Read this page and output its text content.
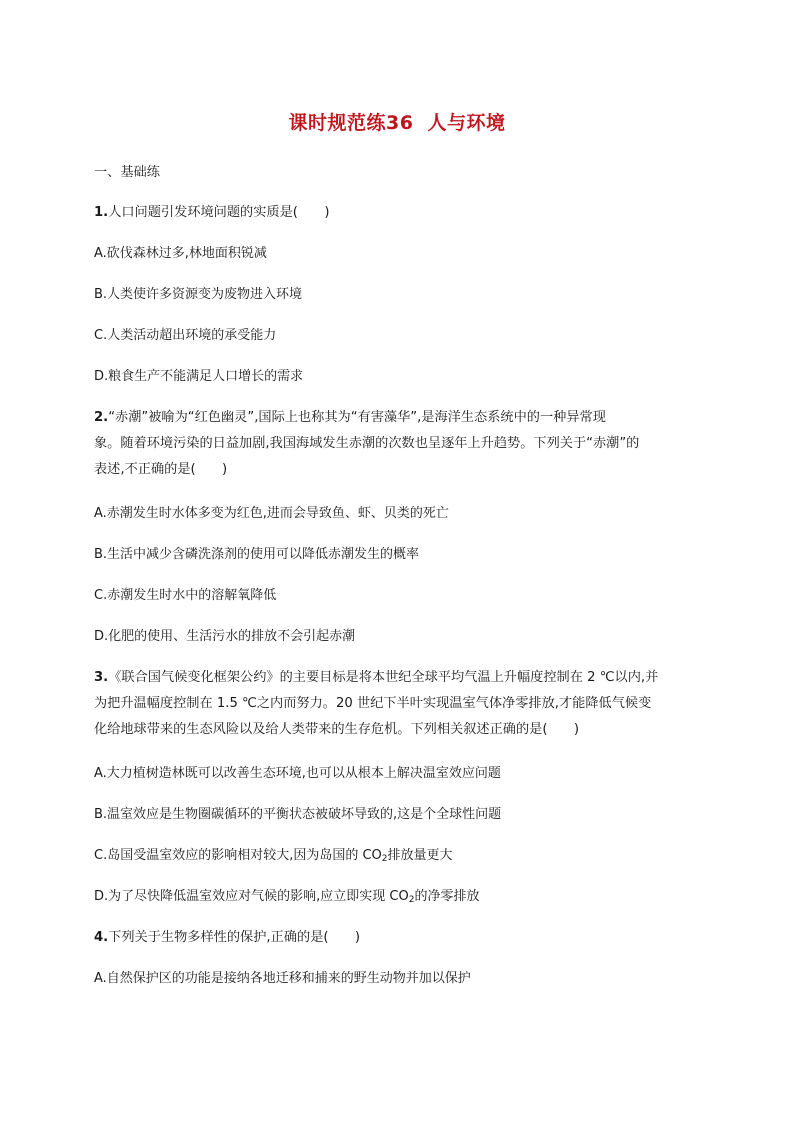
课时规范练36 人与环境
一、基础练
1.人口问题引发环境问题的实质是(　　)
A.砍伐森林过多,林地面积锐减
B.人类使许多资源变为废物进入环境
C.人类活动超出环境的承受能力
D.粮食生产不能满足人口增长的需求
2.“赤潮”被喻为“红色幽灵”,国际上也称其为“有害藻华”,是海洋生态系统中的一种异常现
象。随着环境污染的日益加剧,我国海域发生赤潮的次数也呈逐年上升趋势。下列关于“赤潮”的
表述,不正确的是(　　)
A.赤潮发生时水体多变为红色,进而会导致鱼、虾、贝类的死亡
B.生活中减少含磷洗涤剂的使用可以降低赤潮发生的概率
C.赤潮发生时水中的溶解氧降低
D.化肥的使用、生活污水的排放不会引起赤潮
3.《联合国气候变化框架公约》的主要目标是将本世纪全球平均气温上升幅度控制在 2 ℃以内,并
为把升温幅度控制在 1.5 ℃之内而努力。20 世纪下半叶实现温室气体净零排放,才能降低气候变
化给地球带来的生态风险以及给人类带来的生存危机。下列相关叙述正确的是(　　)
A.大力植树造林既可以改善生态环境,也可以从根本上解决温室效应问题
B.温室效应是生物圈碳循环的平衡状态被破坏导致的,这是个全球性问题
C.岛国受温室效应的影响相对较大,因为岛国的 $CO_2$排放量更大
D.为了尽快降低温室效应对气候的影响,应立即实现 $CO_2$的净零排放
4.下列关于生物多样性的保护,正确的是(　　)
A.自然保护区的功能是接纳各地迁移和捕来的野生动物并加以保护
